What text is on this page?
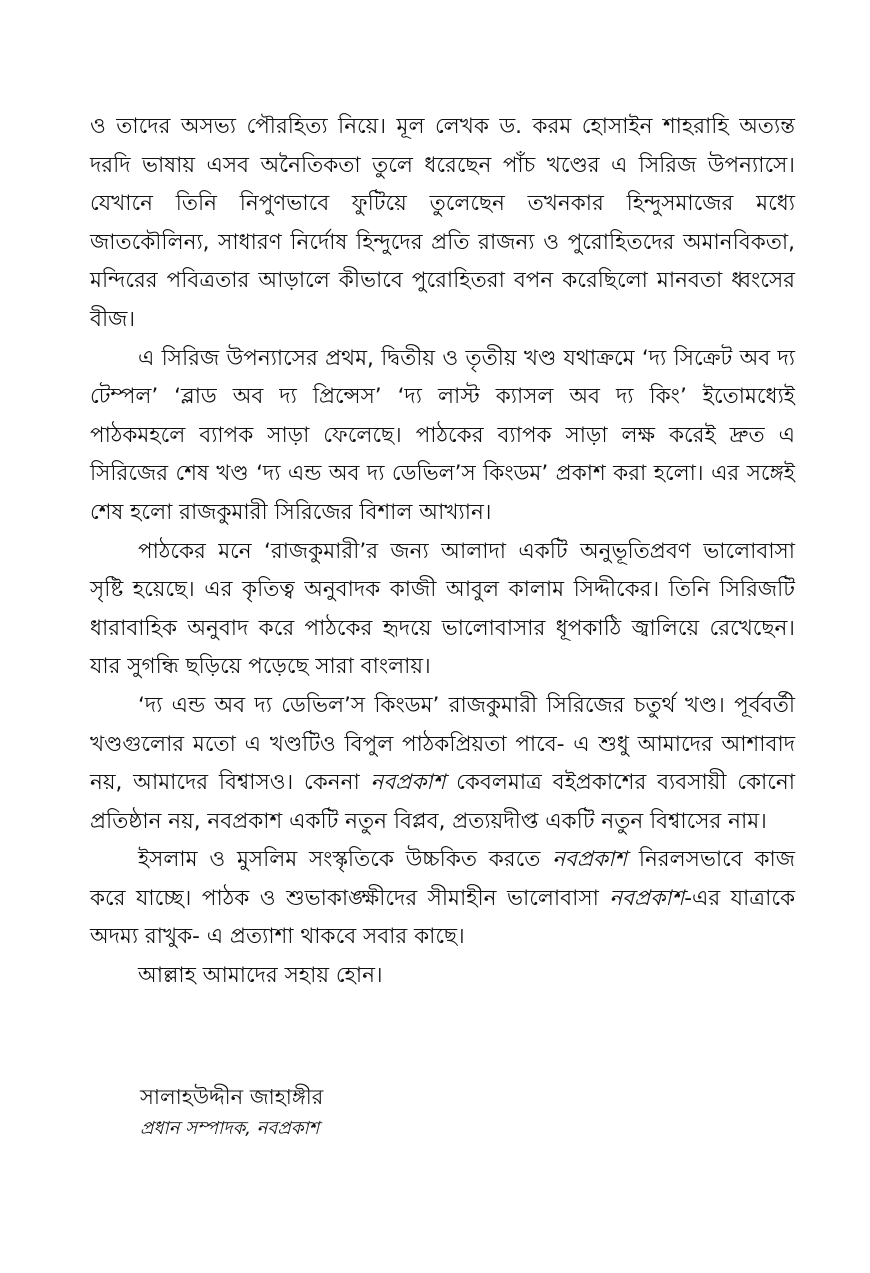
ও তাদের অসভ্য পৌরহিত্য নিয়ে। মূল লেখক ড. করম হোসাইন শাহরাহি অত্যন্ত দরদি ভাষায় এসব অনৈতিকতা তুলে ধরেছেন পাঁচ খণ্ডের এ সিরিজ উপন্যাসে। যেখানে তিনি নিপুণভাবে ফুটিয়ে তুলেছেন তখনকার হিন্দুসমাজের মধ্যে জাতকৌলিন্য, সাধারণ নির্দোষ হিন্দুদের প্রতি রাজন্য ও পুরোহিতদের অমানবিকতা, মন্দিরের পবিত্রতার আড়ালে কীভাবে পুরোহিতরা বপন করেছিলো মানবতা ধ্বংসের বীজ।

এ সিরিজ উপন্যাসের প্রথম, দ্বিতীয় ও তৃতীয় খণ্ড যথাক্রমে ‘দ্য সিক্রেট অব দ্য টেম্পল’ ‘ব্লাড অব দ্য প্রিন্সেস’ ‘দ্য লাস্ট ক্যাসল অব দ্য কিং’ ইতোমধ্যেই পাঠকমহলে ব্যাপক সাড়া ফেলেছে। পাঠকের ব্যাপক সাড়া লক্ষ করেই দ্রুত এ সিরিজের শেষ খণ্ড ‘দ্য এন্ড অব দ্য ডেভিল’স কিংডম’ প্রকাশ করা হলো। এর সঙ্গেই শেষ হলো রাজকুমারী সিরিজের বিশাল আখ্যান।

পাঠকের মনে ‘রাজকুমারী’র জন্য আলাদা একটি অনুভূতিপ্রবণ ভালোবাসা সৃষ্টি হয়েছে। এর কৃতিত্ব অনুবাদক কাজী আবুল কালাম সিদ্দীকের। তিনি সিরিজটি ধারাবাহিক অনুবাদ করে পাঠকের হৃদয়ে ভালোবাসার ধূপকাঠি জ্বালিয়ে রেখেছেন। যার সুগন্ধি ছড়িয়ে পড়েছে সারা বাংলায়।

‘দ্য এন্ড অব দ্য ডেভিল’স কিংডম’ রাজকুমারী সিরিজের চতুর্থ খণ্ড। পূর্ববর্তী খণ্ডগুলোর মতো এ খণ্ডটিও বিপুল পাঠকপ্রিয়তা পাবে- এ শুধু আমাদের আশাবাদ নয়, আমাদের বিশ্বাসও। কেননা নবপ্রকাশ কেবলমাত্র বইপ্রকাশের ব্যবসায়ী কোনো প্রতিষ্ঠান নয়, নবপ্রকাশ একটি নতুন বিপ্লব, প্রত্যয়দীপ্ত একটি নতুন বিশ্বাসের নাম।

ইসলাম ও মুসলিম সংস্কৃতিকে উচ্চকিত করতে নবপ্রকাশ নিরলসভাবে কাজ করে যাচ্ছে। পাঠক ও শুভাকাঙ্ক্ষীদের সীমাহীন ভালোবাসা নবপ্রকাশ-এর যাত্রাকে অদম্য রাখুক- এ প্রত্যাশা থাকবে সবার কাছে।

আল্লাহ আমাদের সহায় হোন।

সালাহউদ্দীন জাহাঙ্গীর
প্রধান সম্পাদক, নবপ্রকাশ
